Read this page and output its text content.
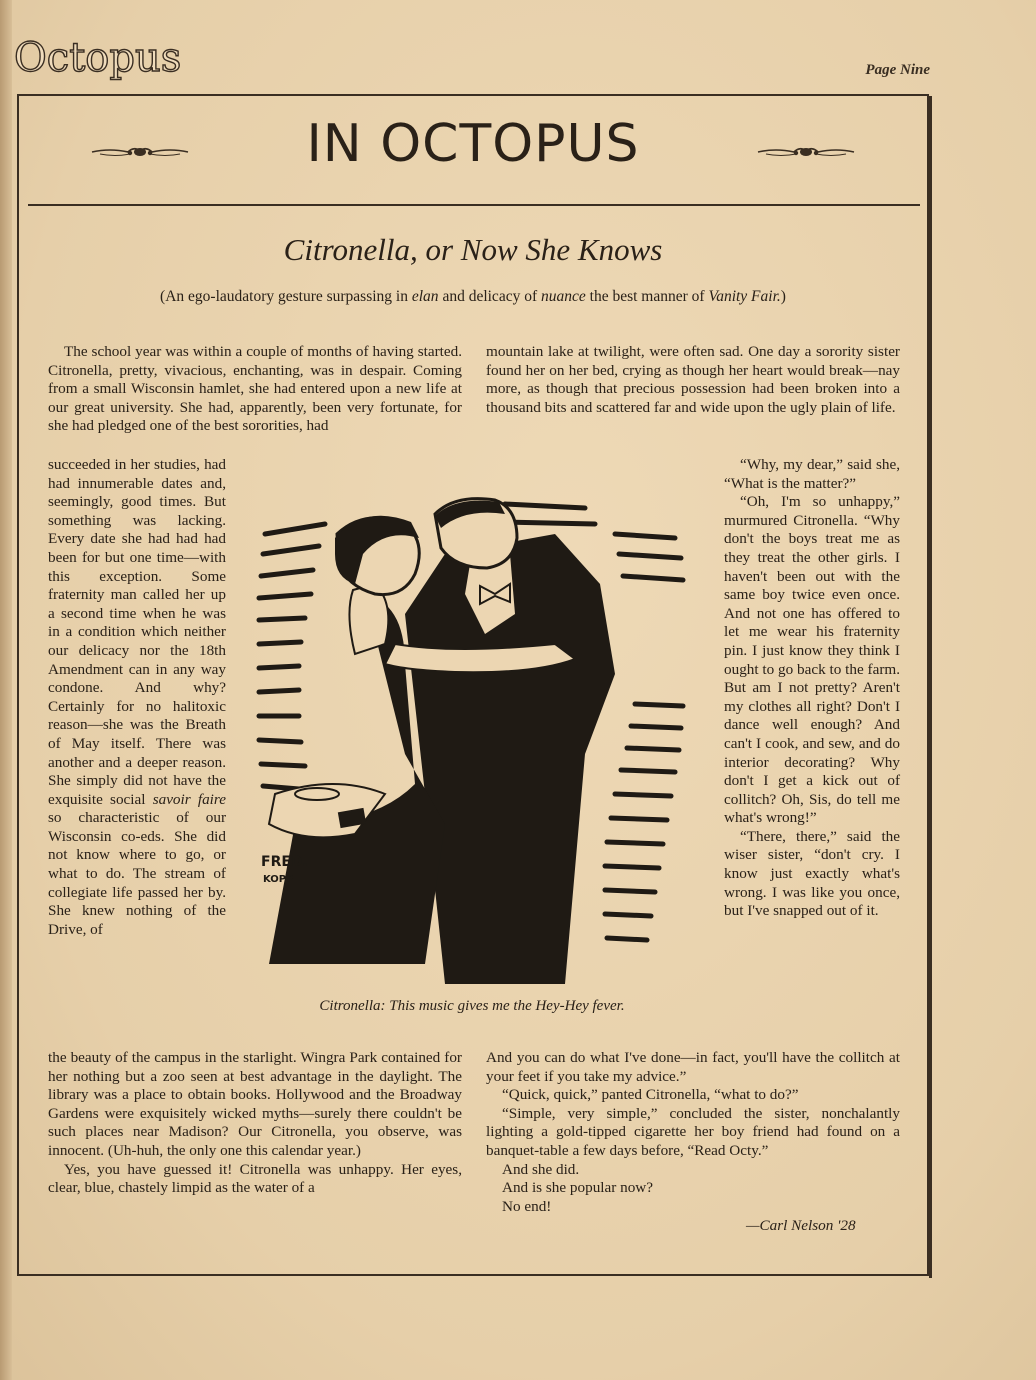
Octopus	Page Nine
IN OCTOPUS
Citronella, or Now She Knows
(An ego-laudatory gesture surpassing in elan and delicacy of nuance the best manner of Vanity Fair.)

The school year was within a couple of months of having started. Citronella, pretty, vivacious, enchanting, was in despair. Coming from a small Wisconsin hamlet, she had entered upon a new life at our great university. She had, apparently, been very fortunate, for she had pledged one of the best sororities, had

succeeded in her studies, had had innumerable dates and, seemingly, good times. But something was lacking. Every date she had had had been for but one time—with this exception. Some fraternity man called her up a second time when he was in a condition which neither our delicacy nor the 18th Amendment can in any way condone. And why? Certainly for no halitoxic reason—she was the Breath of May itself. There was another and a deeper reason. She simply did not have the exquisite social savoir faire so characteristic of our Wisconsin co-eds. She did not know where to go, or what to do. The stream of collegiate life passed her by. She knew nothing of the Drive, of

the beauty of the campus in the starlight. Wingra Park contained for her nothing but a zoo seen at best advantage in the daylight. The library was a place to obtain books. Hollywood and the Broadway Gardens were exquisitely wicked myths—surely there couldn't be such places near Madison? Our Citronella, you observe, was innocent. (Uh-huh, the only one this calendar year.)

Yes, you have guessed it! Citronella was unhappy. Her eyes, clear, blue, chastely limpid as the water of a

mountain lake at twilight, were often sad. One day a sorority sister found her on her bed, crying as though her heart would break—nay more, as though that precious possession had been broken into a thousand bits and scattered far and wide upon the ugly plain of life.

“Why, my dear,” said she, “What is the matter?”

“Oh, I'm so unhappy,” murmured Citronella. “Why don't the boys treat me as they treat the other girls. I haven't been out with the same boy twice even once. And not one has offered to let me wear his fraternity pin. I just know they think I ought to go back to the farm. But am I not pretty? Aren't my clothes all right? Don't I dance well enough? And can't I cook, and sew, and do interior decorating? Why don't I get a kick out of collitch? Oh, Sis, do tell me what's wrong!”

“There, there,” said the wiser sister, “don't cry. I know just exactly what's wrong. I was like you once, but I've snapped out of it.

And you can do what I've done—in fact, you'll have the collitch at your feet if you take my advice.”

“Quick, quick,” panted Citronella, “what to do?”

“Simple, very simple,” concluded the sister, nonchalantly lighting a gold-tipped cigarette her boy friend had found on a banquet-table a few days before, “Read Octy.”

And she did.

And is she popular now?

No end!

—Carl Nelson '28
FRED.
KOPP
Citronella: This music gives me the Hey-Hey fever.
